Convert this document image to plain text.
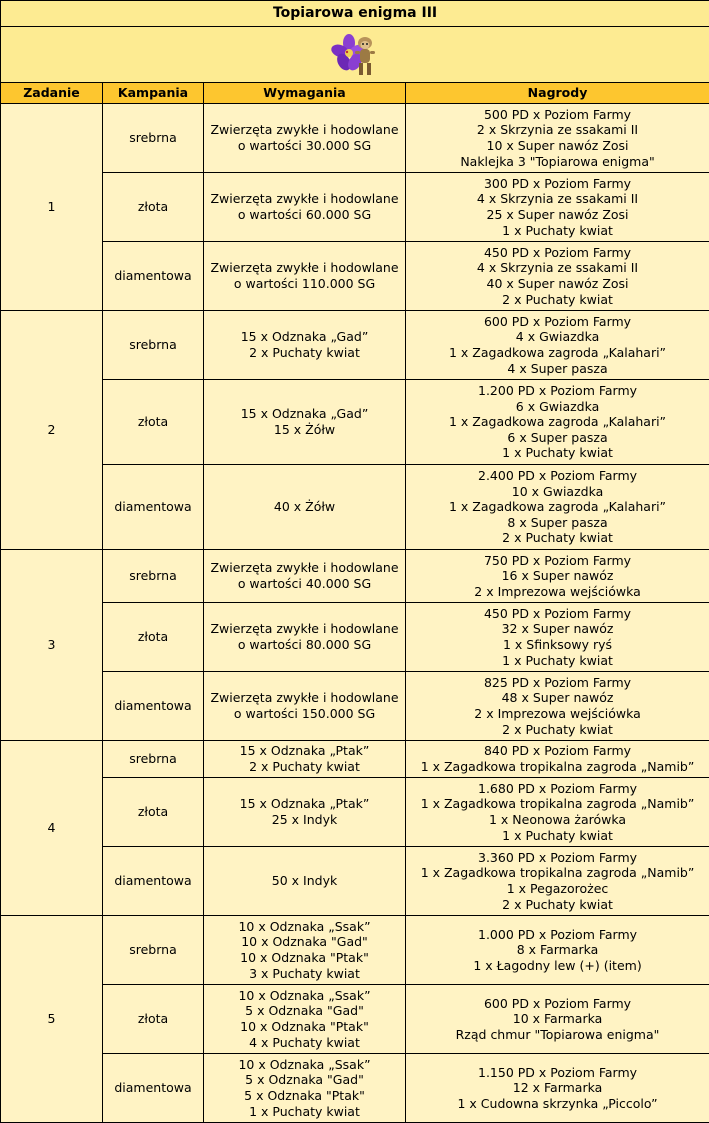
Topiarowa enigma III			

Zadanie	Kampania	Wymagania	Nagrody
1	srebrna	Zwierzęta zwykłe i hodowlane
o wartości 30.000 SG	500 PD x Poziom Farmy
2 x Skrzynia ze ssakami II
10 x Super nawóz Zosi
Naklejka 3 "Topiarowa enigma"

	złota	Zwierzęta zwykłe i hodowlane
o wartości 60.000 SG	300 PD x Poziom Farmy
4 x Skrzynia ze ssakami II
25 x Super nawóz Zosi
1 x Puchaty kwiat

	diamentowa	Zwierzęta zwykłe i hodowlane
o wartości 110.000 SG	450 PD x Poziom Farmy
4 x Skrzynia ze ssakami II
40 x Super nawóz Zosi
2 x Puchaty kwiat

2	srebrna	15 x Odznaka „Gad”
2 x Puchaty kwiat	600 PD x Poziom Farmy
4 x Gwiazdka
1 x Zagadkowa zagroda „Kalahari”
4 x Super pasza

	złota	15 x Odznaka „Gad”
15 x Żółw	1.200 PD x Poziom Farmy
6 x Gwiazdka
1 x Zagadkowa zagroda „Kalahari”
6 x Super pasza
1 x Puchaty kwiat

	diamentowa	40 x Żółw	2.400 PD x Poziom Farmy
10 x Gwiazdka
1 x Zagadkowa zagroda „Kalahari”
8 x Super pasza
2 x Puchaty kwiat

3	srebrna	Zwierzęta zwykłe i hodowlane
o wartości 40.000 SG	750 PD x Poziom Farmy
16 x Super nawóz
2 x Imprezowa wejściówka

	złota	Zwierzęta zwykłe i hodowlane
o wartości 80.000 SG	450 PD x Poziom Farmy
32 x Super nawóz
1 x Sfinksowy ryś
1 x Puchaty kwiat

	diamentowa	Zwierzęta zwykłe i hodowlane
o wartości 150.000 SG	825 PD x Poziom Farmy
48 x Super nawóz
2 x Imprezowa wejściówka
2 x Puchaty kwiat

4	srebrna	15 x Odznaka „Ptak”
2 x Puchaty kwiat	840 PD x Poziom Farmy
1 x Zagadkowa tropikalna zagroda „Namib”

	złota	15 x Odznaka „Ptak”
25 x Indyk	1.680 PD x Poziom Farmy
1 x Zagadkowa tropikalna zagroda „Namib”
1 x Neonowa żarówka
1 x Puchaty kwiat

	diamentowa	50 x Indyk	3.360 PD x Poziom Farmy
1 x Zagadkowa tropikalna zagroda „Namib”
1 x Pegazorożec
2 x Puchaty kwiat

5	srebrna	10 x Odznaka „Ssak”
10 x Odznaka "Gad"
10 x Odznaka "Ptak"
3 x Puchaty kwiat	1.000 PD x Poziom Farmy
8 x Farmarka
1 x Łagodny lew (+) (item)

	złota	10 x Odznaka „Ssak”
5 x Odznaka "Gad"
10 x Odznaka "Ptak"
4 x Puchaty kwiat	600 PD x Poziom Farmy
10 x Farmarka
Rząd chmur "Topiarowa enigma"

	diamentowa	10 x Odznaka „Ssak”
5 x Odznaka "Gad"
5 x Odznaka "Ptak"
1 x Puchaty kwiat	1.150 PD x Poziom Farmy
12 x Farmarka
1 x Cudowna skrzynka „Piccolo”
